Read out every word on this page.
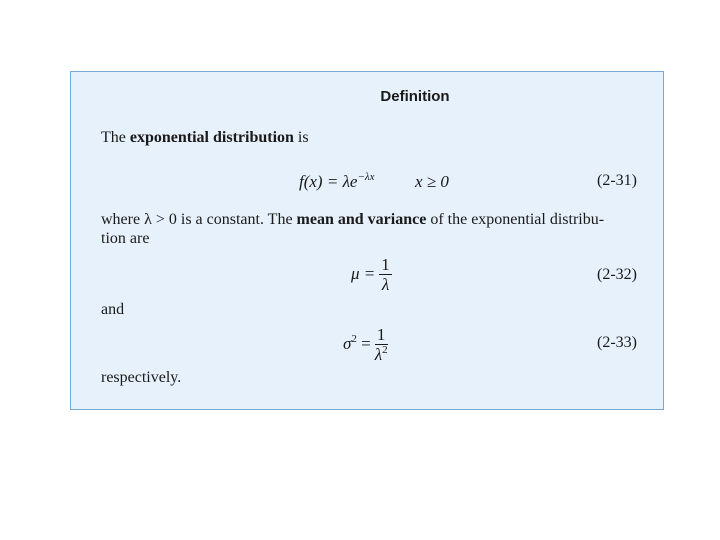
Definition
The exponential distribution is
$f(x) = \lambda e^{-\lambda x}$ x ≥ 0	(2-31)
where λ > 0 is a constant. The mean and variance of the exponential distribu-
tion are
$\mu = \frac{1}{\lambda}$	(2-32)
and
$\sigma^2 = \frac{1}{\lambda^2}$	(2-33)
respectively.
